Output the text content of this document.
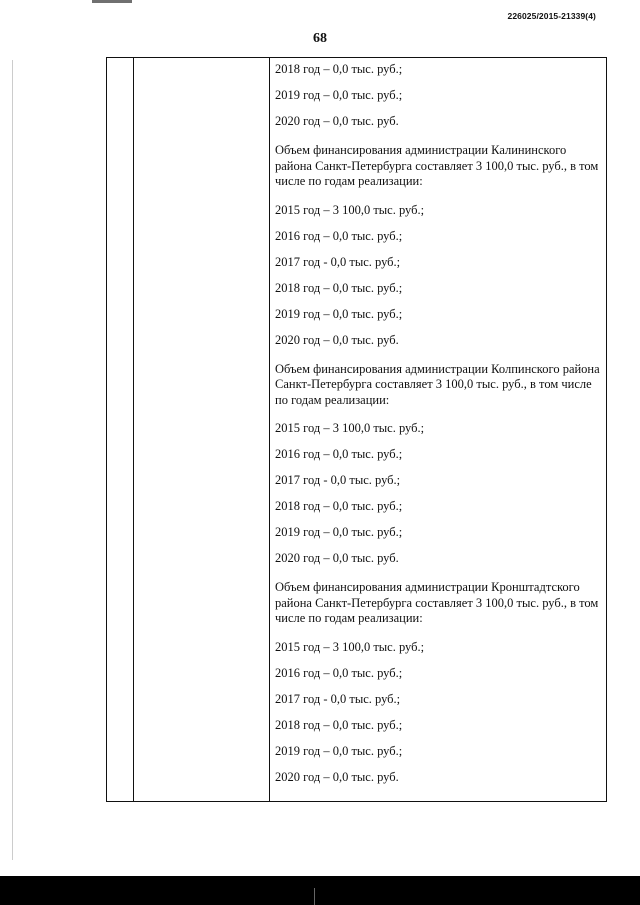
226025/2015-21339(4)
68
2018 год – 0,0 тыс. руб.;
2019 год – 0,0 тыс. руб.;
2020 год – 0,0 тыс. руб.
Объем финансирования администрации Калининского района Санкт-Петербурга составляет 3 100,0 тыс. руб., в том числе по годам реализации:
2015 год – 3 100,0 тыс. руб.;
2016 год – 0,0 тыс. руб.;
2017 год - 0,0 тыс. руб.;
2018 год – 0,0 тыс. руб.;
2019 год – 0,0 тыс. руб.;
2020 год – 0,0 тыс. руб.
Объем финансирования администрации Колпинского района Санкт-Петербурга составляет 3 100,0 тыс. руб., в том числе по годам реализации:
2015 год – 3 100,0 тыс. руб.;
2016 год – 0,0 тыс. руб.;
2017 год - 0,0 тыс. руб.;
2018 год – 0,0 тыс. руб.;
2019 год – 0,0 тыс. руб.;
2020 год – 0,0 тыс. руб.
Объем финансирования администрации Кронштадтского района Санкт-Петербурга составляет 3 100,0 тыс. руб., в том числе по годам реализации:
2015 год – 3 100,0 тыс. руб.;
2016 год – 0,0 тыс. руб.;
2017 год - 0,0 тыс. руб.;
2018 год – 0,0 тыс. руб.;
2019 год – 0,0 тыс. руб.;
2020 год – 0,0 тыс. руб.
